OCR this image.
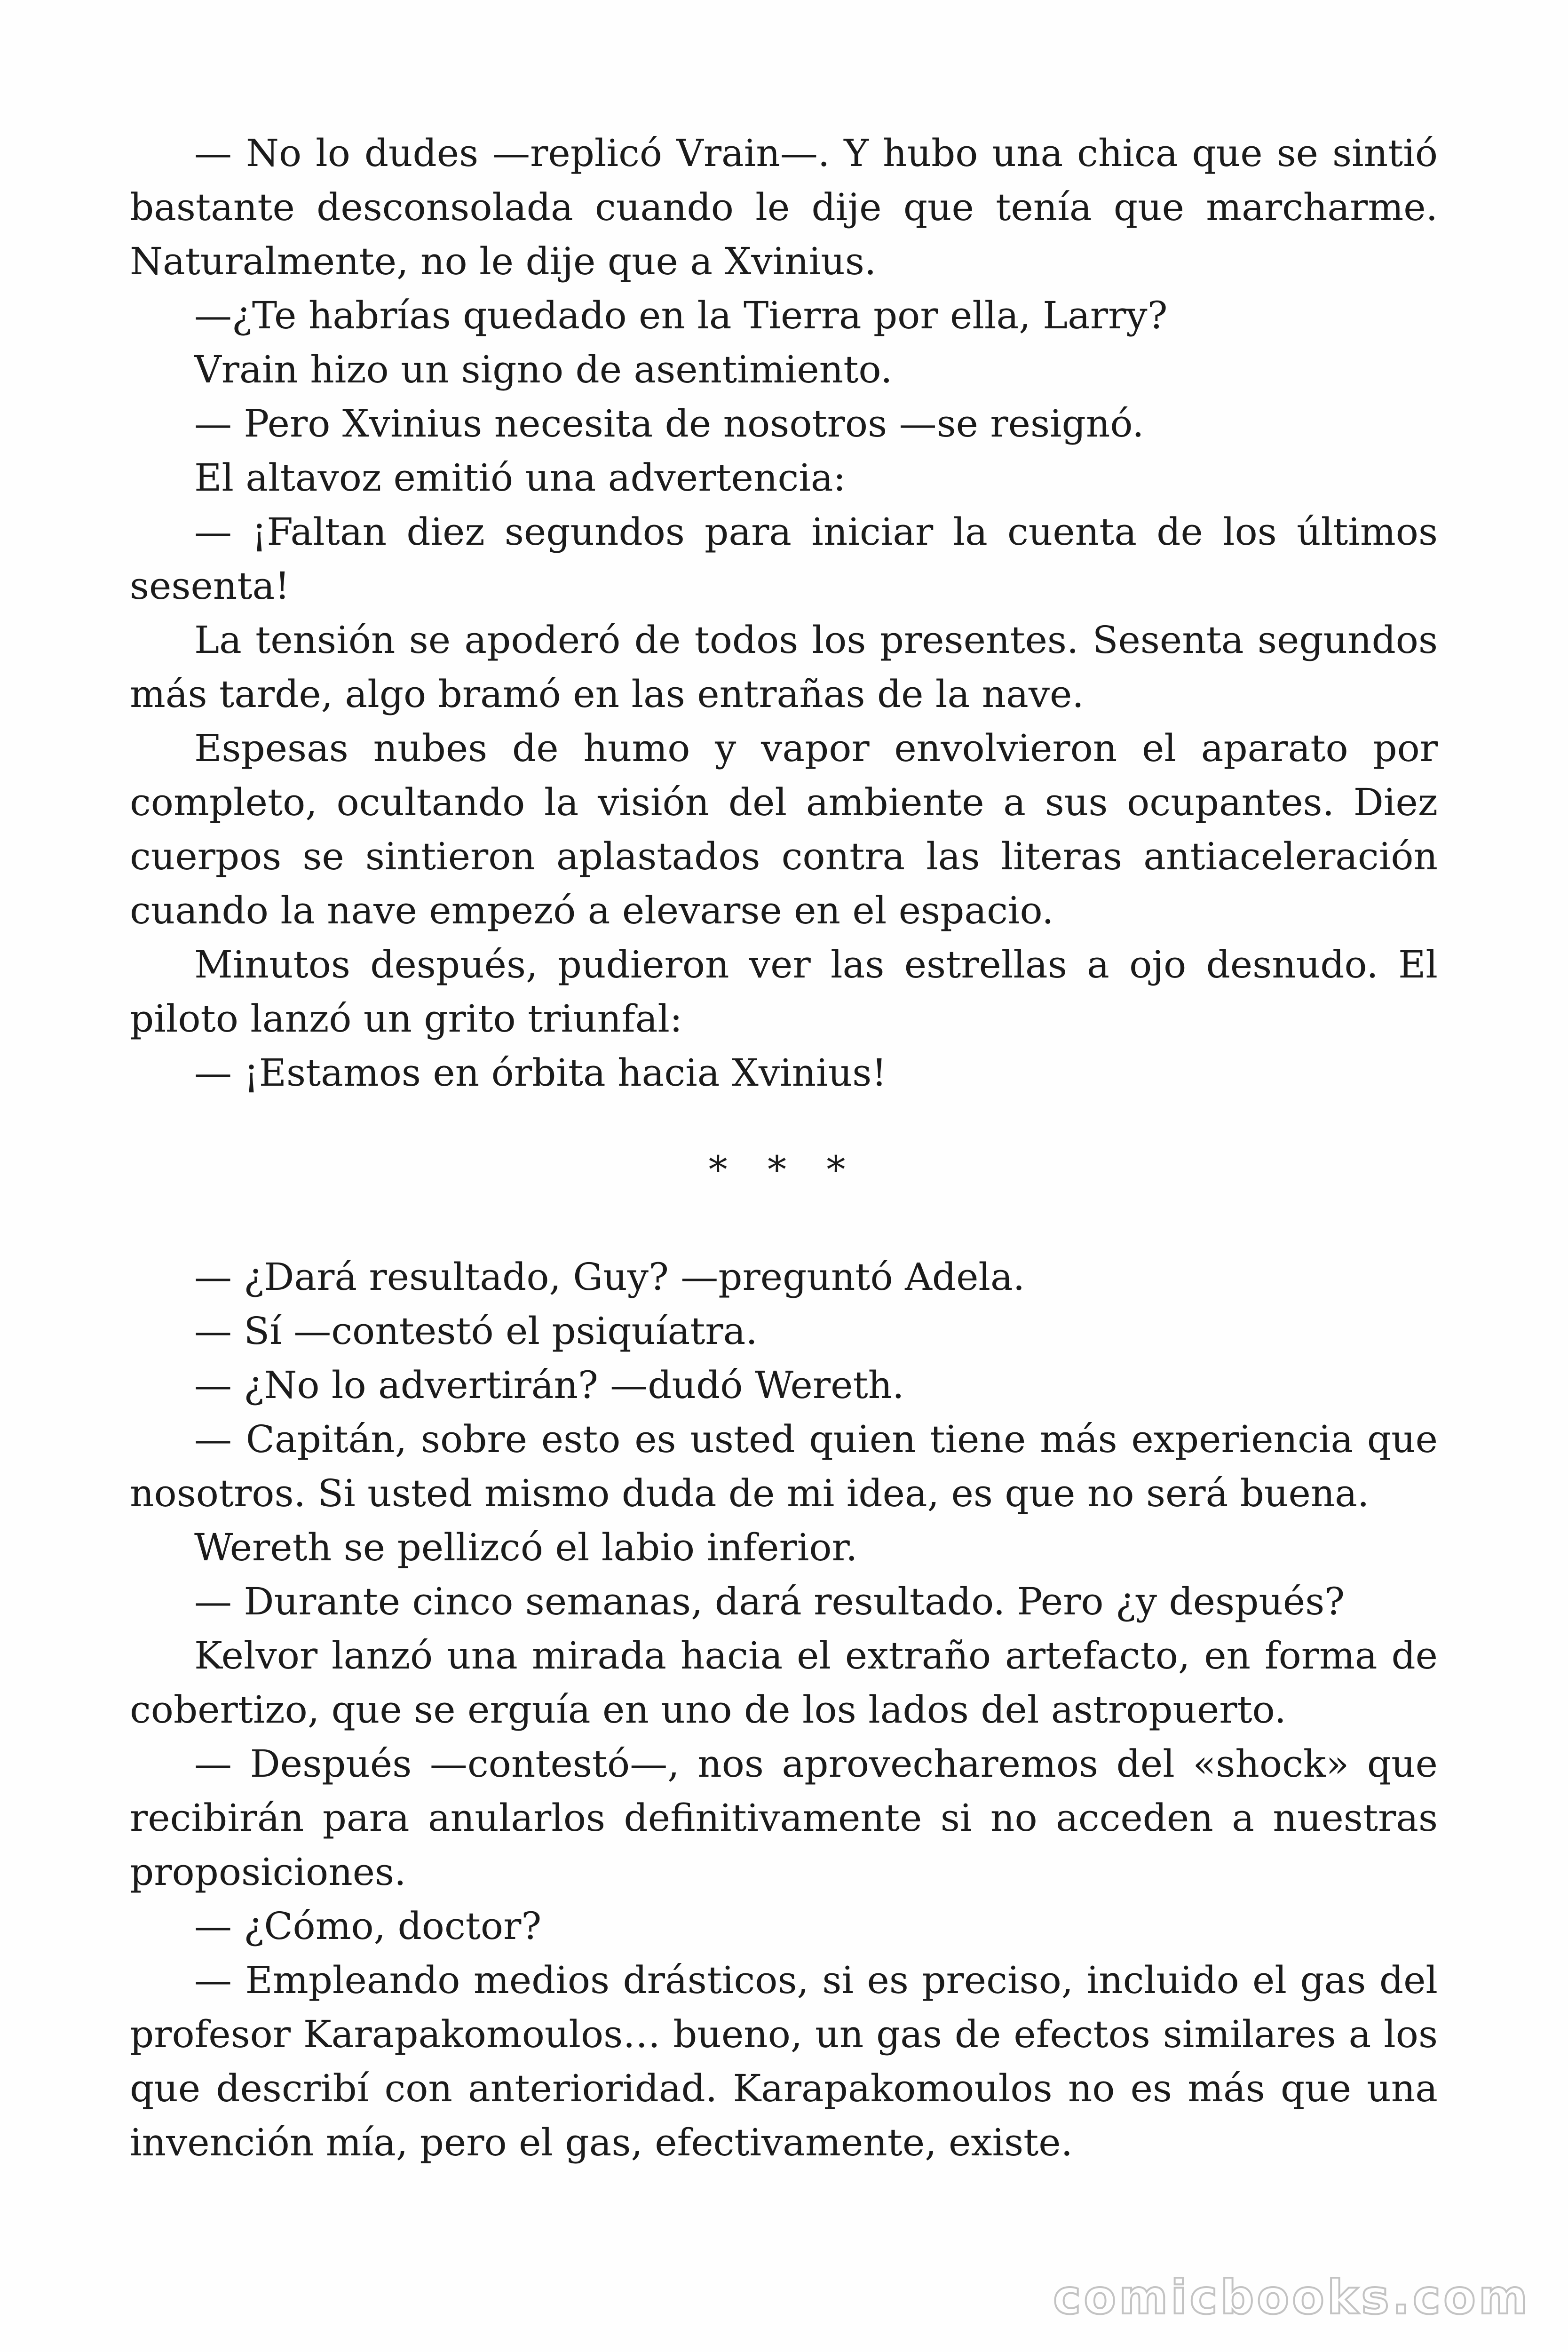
— No lo dudes —replicó Vrain—. Y hubo una chica que se sintió bastante desconsolada cuando le dije que tenía que marcharme. Naturalmente, no le dije que a Xvinius.

—¿Te habrías quedado en la Tierra por ella, Larry?

Vrain hizo un signo de asentimiento.

— Pero Xvinius necesita de nosotros —se resignó.

El altavoz emitió una advertencia:

— ¡Faltan diez segundos para iniciar la cuenta de los últimos sesenta!

La tensión se apoderó de todos los presentes. Sesenta segundos más tarde, algo bramó en las entrañas de la nave.

Espesas nubes de humo y vapor envolvieron el aparato por completo, ocultando la visión del ambiente a sus ocupantes. Diez cuerpos se sintieron aplastados contra las literas antiaceleración cuando la nave empezó a elevarse en el espacio.

Minutos después, pudieron ver las estrellas a ojo desnudo. El piloto lanzó un grito triunfal:

— ¡Estamos en órbita hacia Xvinius!

* * *

— ¿Dará resultado, Guy? —preguntó Adela.

— Sí —contestó el psiquíatra.

— ¿No lo advertirán? —dudó Wereth.

— Capitán, sobre esto es usted quien tiene más experiencia que nosotros. Si usted mismo duda de mi idea, es que no será buena.

Wereth se pellizcó el labio inferior.

— Durante cinco semanas, dará resultado. Pero ¿y después?

Kelvor lanzó una mirada hacia el extraño artefacto, en forma de cobertizo, que se erguía en uno de los lados del astropuerto.

— Después —contestó—, nos aprovecharemos del «shock» que recibirán para anularlos definitivamente si no acceden a nuestras proposiciones.

— ¿Cómo, doctor?

— Empleando medios drásticos, si es preciso, incluido el gas del profesor Karapakomoulos… bueno, un gas de efectos similares a los que describí con anterioridad. Karapakomoulos no es más que una invención mía, pero el gas, efectivamente, existe.

comicbooks.com
